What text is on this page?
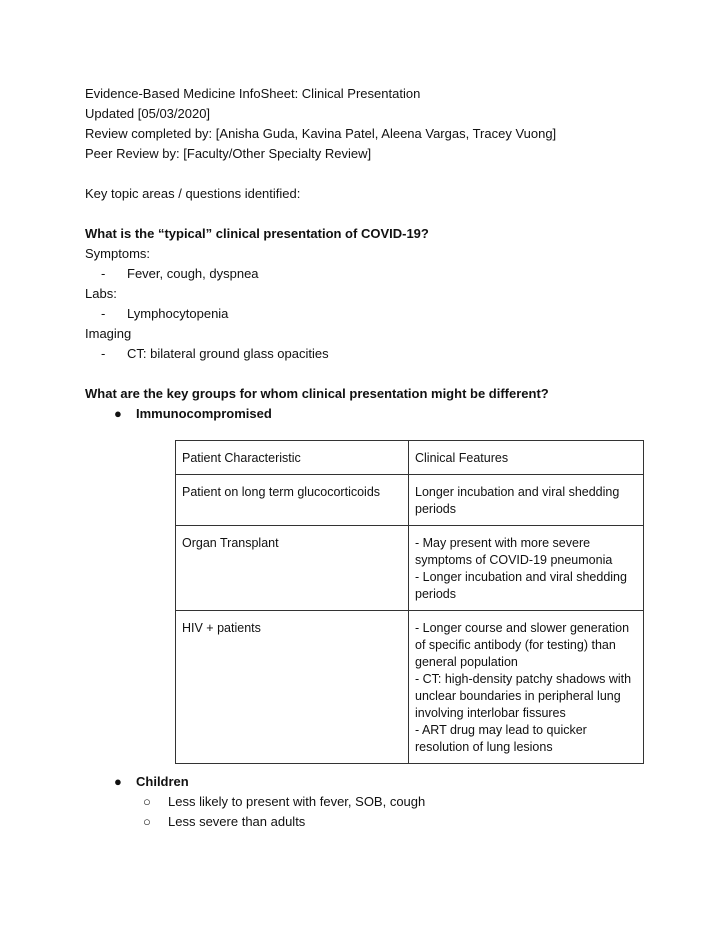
Evidence-Based Medicine InfoSheet: Clinical Presentation
Updated [05/03/2020]
Review completed by: [Anisha Guda, Kavina Patel, Aleena Vargas, Tracey Vuong]
Peer Review by: [Faculty/Other Specialty Review]
Key topic areas / questions identified:
What is the “typical” clinical presentation of COVID-19?
Symptoms:
- Fever, cough, dyspnea
Labs:
- Lymphocytopenia
Imaging
- CT: bilateral ground glass opacities
What are the key groups for whom clinical presentation might be different?
● Immunocompromised
Patient Characteristic	Clinical Features
Patient on long term glucocorticoids	Longer incubation and viral shedding periods
Organ Transplant	- May present with more severe symptoms of COVID-19 pneumonia
- Longer incubation and viral shedding periods
HIV + patients	- Longer course and slower generation of specific antibody (for testing) than general population
- CT: high-density patchy shadows with unclear boundaries in peripheral lung involving interlobar fissures
- ART drug may lead to quicker resolution of lung lesions
● Children
○ Less likely to present with fever, SOB, cough
○ Less severe than adults
